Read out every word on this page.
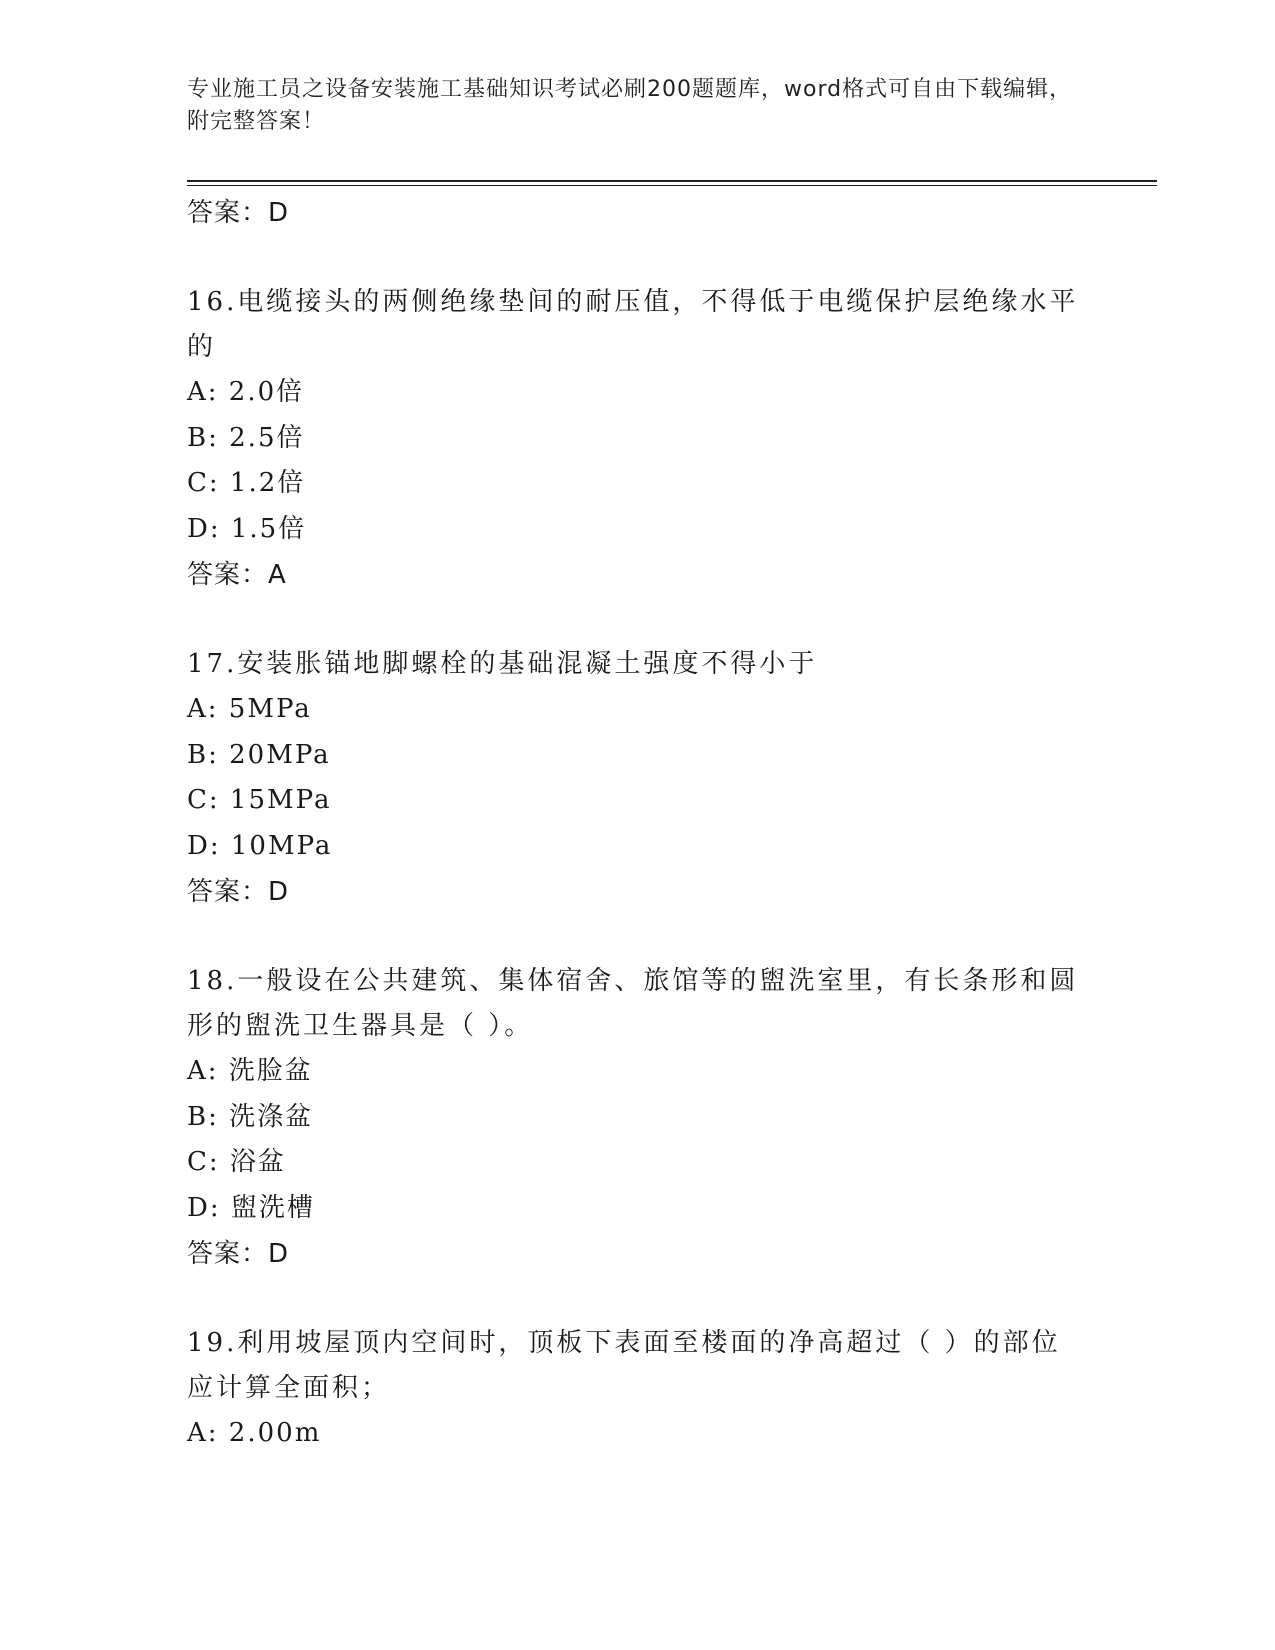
专业施工员之设备安装施工基础知识考试必刷200题题库，word格式可自由下载编辑，附完整答案！
答案：D
16.电缆接头的两侧绝缘垫间的耐压值，不得低于电缆保护层绝缘水平的
A: 2.0倍
B: 2.5倍
C: 1.2倍
D: 1.5倍
答案：A
17.安装胀锚地脚螺栓的基础混凝土强度不得小于
A: 5MPa
B: 20MPa
C: 15MPa
D: 10MPa
答案：D
18.一般设在公共建筑、集体宿舍、旅馆等的盥洗室里，有长条形和圆形的盥洗卫生器具是（ ）。
A: 洗脸盆
B: 洗涤盆
C: 浴盆
D: 盥洗槽
答案：D
19.利用坡屋顶内空间时，顶板下表面至楼面的净高超过（ ）的部位应计算全面积；
A: 2.00m
